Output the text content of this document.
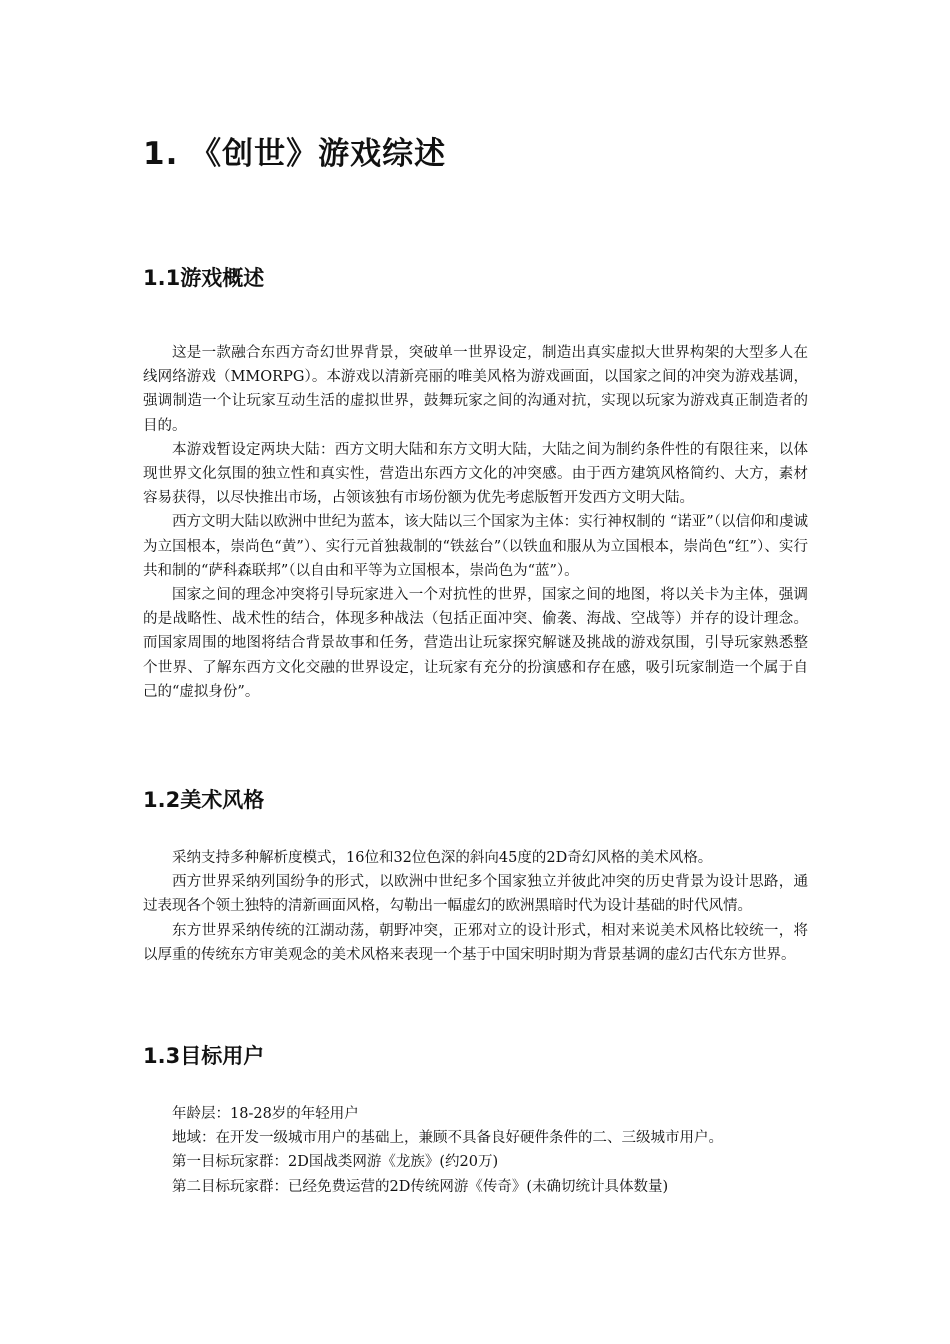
1. 《创世》游戏综述
1.1游戏概述

这是一款融合东西方奇幻世界背景，突破单一世界设定，制造出真实虚拟大世界构架的大型多人在线网络游戏（MMORPG）。本游戏以清新亮丽的唯美风格为游戏画面，以国家之间的冲突为游戏基调，强调制造一个让玩家互动生活的虚拟世界，鼓舞玩家之间的沟通对抗，实现以玩家为游戏真正制造者的目的。

本游戏暂设定两块大陆：西方文明大陆和东方文明大陆，大陆之间为制约条件性的有限往来，以体现世界文化氛围的独立性和真实性，营造出东西方文化的冲突感。由于西方建筑风格简约、大方，素材容易获得，以尽快推出市场，占领该独有市场份额为优先考虑版暂开发西方文明大陆。

西方文明大陆以欧洲中世纪为蓝本，该大陆以三个国家为主体：实行神权制的 “诺亚”（以信仰和虔诚为立国根本，崇尚色“黄”）、实行元首独裁制的“铁兹台”（以铁血和服从为立国根本，崇尚色“红”）、实行共和制的“萨科森联邦”（以自由和平等为立国根本，崇尚色为“蓝”）。

国家之间的理念冲突将引导玩家进入一个对抗性的世界，国家之间的地图，将以关卡为主体，强调的是战略性、战术性的结合，体现多种战法（包括正面冲突、偷袭、海战、空战等）并存的设计理念。而国家周围的地图将结合背景故事和任务，营造出让玩家探究解谜及挑战的游戏氛围，引导玩家熟悉整个世界、了解东西方文化交融的世界设定，让玩家有充分的扮演感和存在感，吸引玩家制造一个属于自己的“虚拟身份”。

1.2美术风格

采纳支持多种解析度模式，16位和32位色深的斜向45度的2D奇幻风格的美术风格。

西方世界采纳列国纷争的形式，以欧洲中世纪多个国家独立并彼此冲突的历史背景为设计思路，通过表现各个领土独特的清新画面风格，勾勒出一幅虚幻的欧洲黑暗时代为设计基础的时代风情。

东方世界采纳传统的江湖动荡，朝野冲突，正邪对立的设计形式，相对来说美术风格比较统一，将以厚重的传统东方审美观念的美术风格来表现一个基于中国宋明时期为背景基调的虚幻古代东方世界。

1.3目标用户

年龄层：18-28岁的年轻用户

地域：在开发一级城市用户的基础上，兼顾不具备良好硬件条件的二、三级城市用户。

第一目标玩家群：2D国战类网游《龙族》(约20万)

第二目标玩家群：已经免费运营的2D传统网游《传奇》(未确切统计具体数量)
